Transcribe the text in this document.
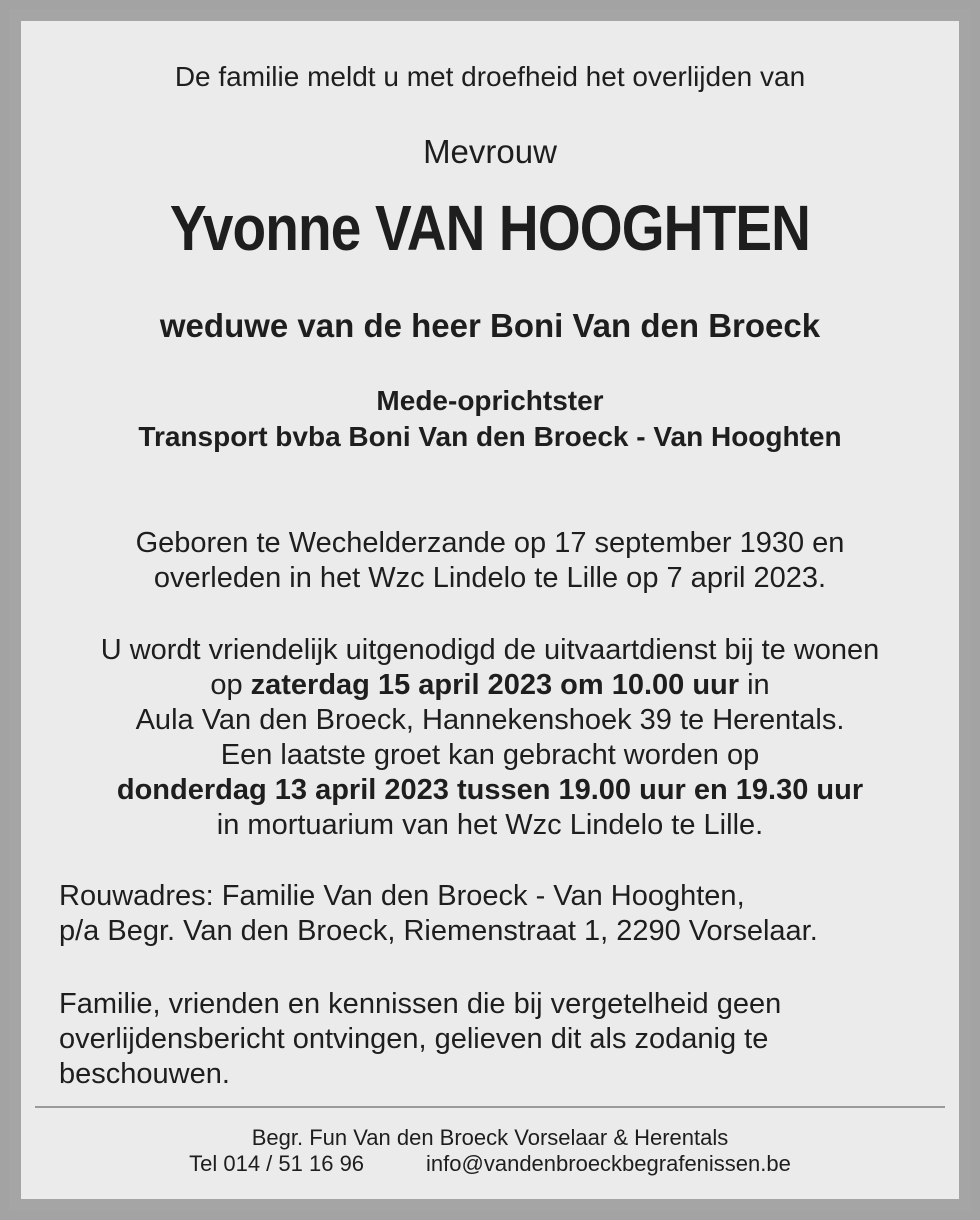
De familie meldt u met droefheid het overlijden van
Mevrouw
Yvonne VAN HOOGHTEN
weduwe van de heer Boni Van den Broeck
Mede-oprichtster
Transport bvba Boni Van den Broeck - Van Hooghten
Geboren te Wechelderzande op 17 september 1930 en
overleden in het Wzc Lindelo te Lille op 7 april 2023.
U wordt vriendelijk uitgenodigd de uitvaartdienst bij te wonen
op zaterdag 15 april 2023 om 10.00 uur in
Aula Van den Broeck, Hannekenshoek 39 te Herentals.
Een laatste groet kan gebracht worden op
donderdag 13 april 2023 tussen 19.00 uur en 19.30 uur
in mortuarium van het Wzc Lindelo te Lille.
Rouwadres: Familie Van den Broeck - Van Hooghten,
p/a Begr. Van den Broeck, Riemenstraat 1, 2290 Vorselaar.
Familie, vrienden en kennissen die bij vergetelheid geen
overlijdensbericht ontvingen, gelieven dit als zodanig te
beschouwen.
Begr. Fun Van den Broeck Vorselaar & Herentals
Tel 014 / 51 16 96	info@vandenbroeckbegrafenissen.be
